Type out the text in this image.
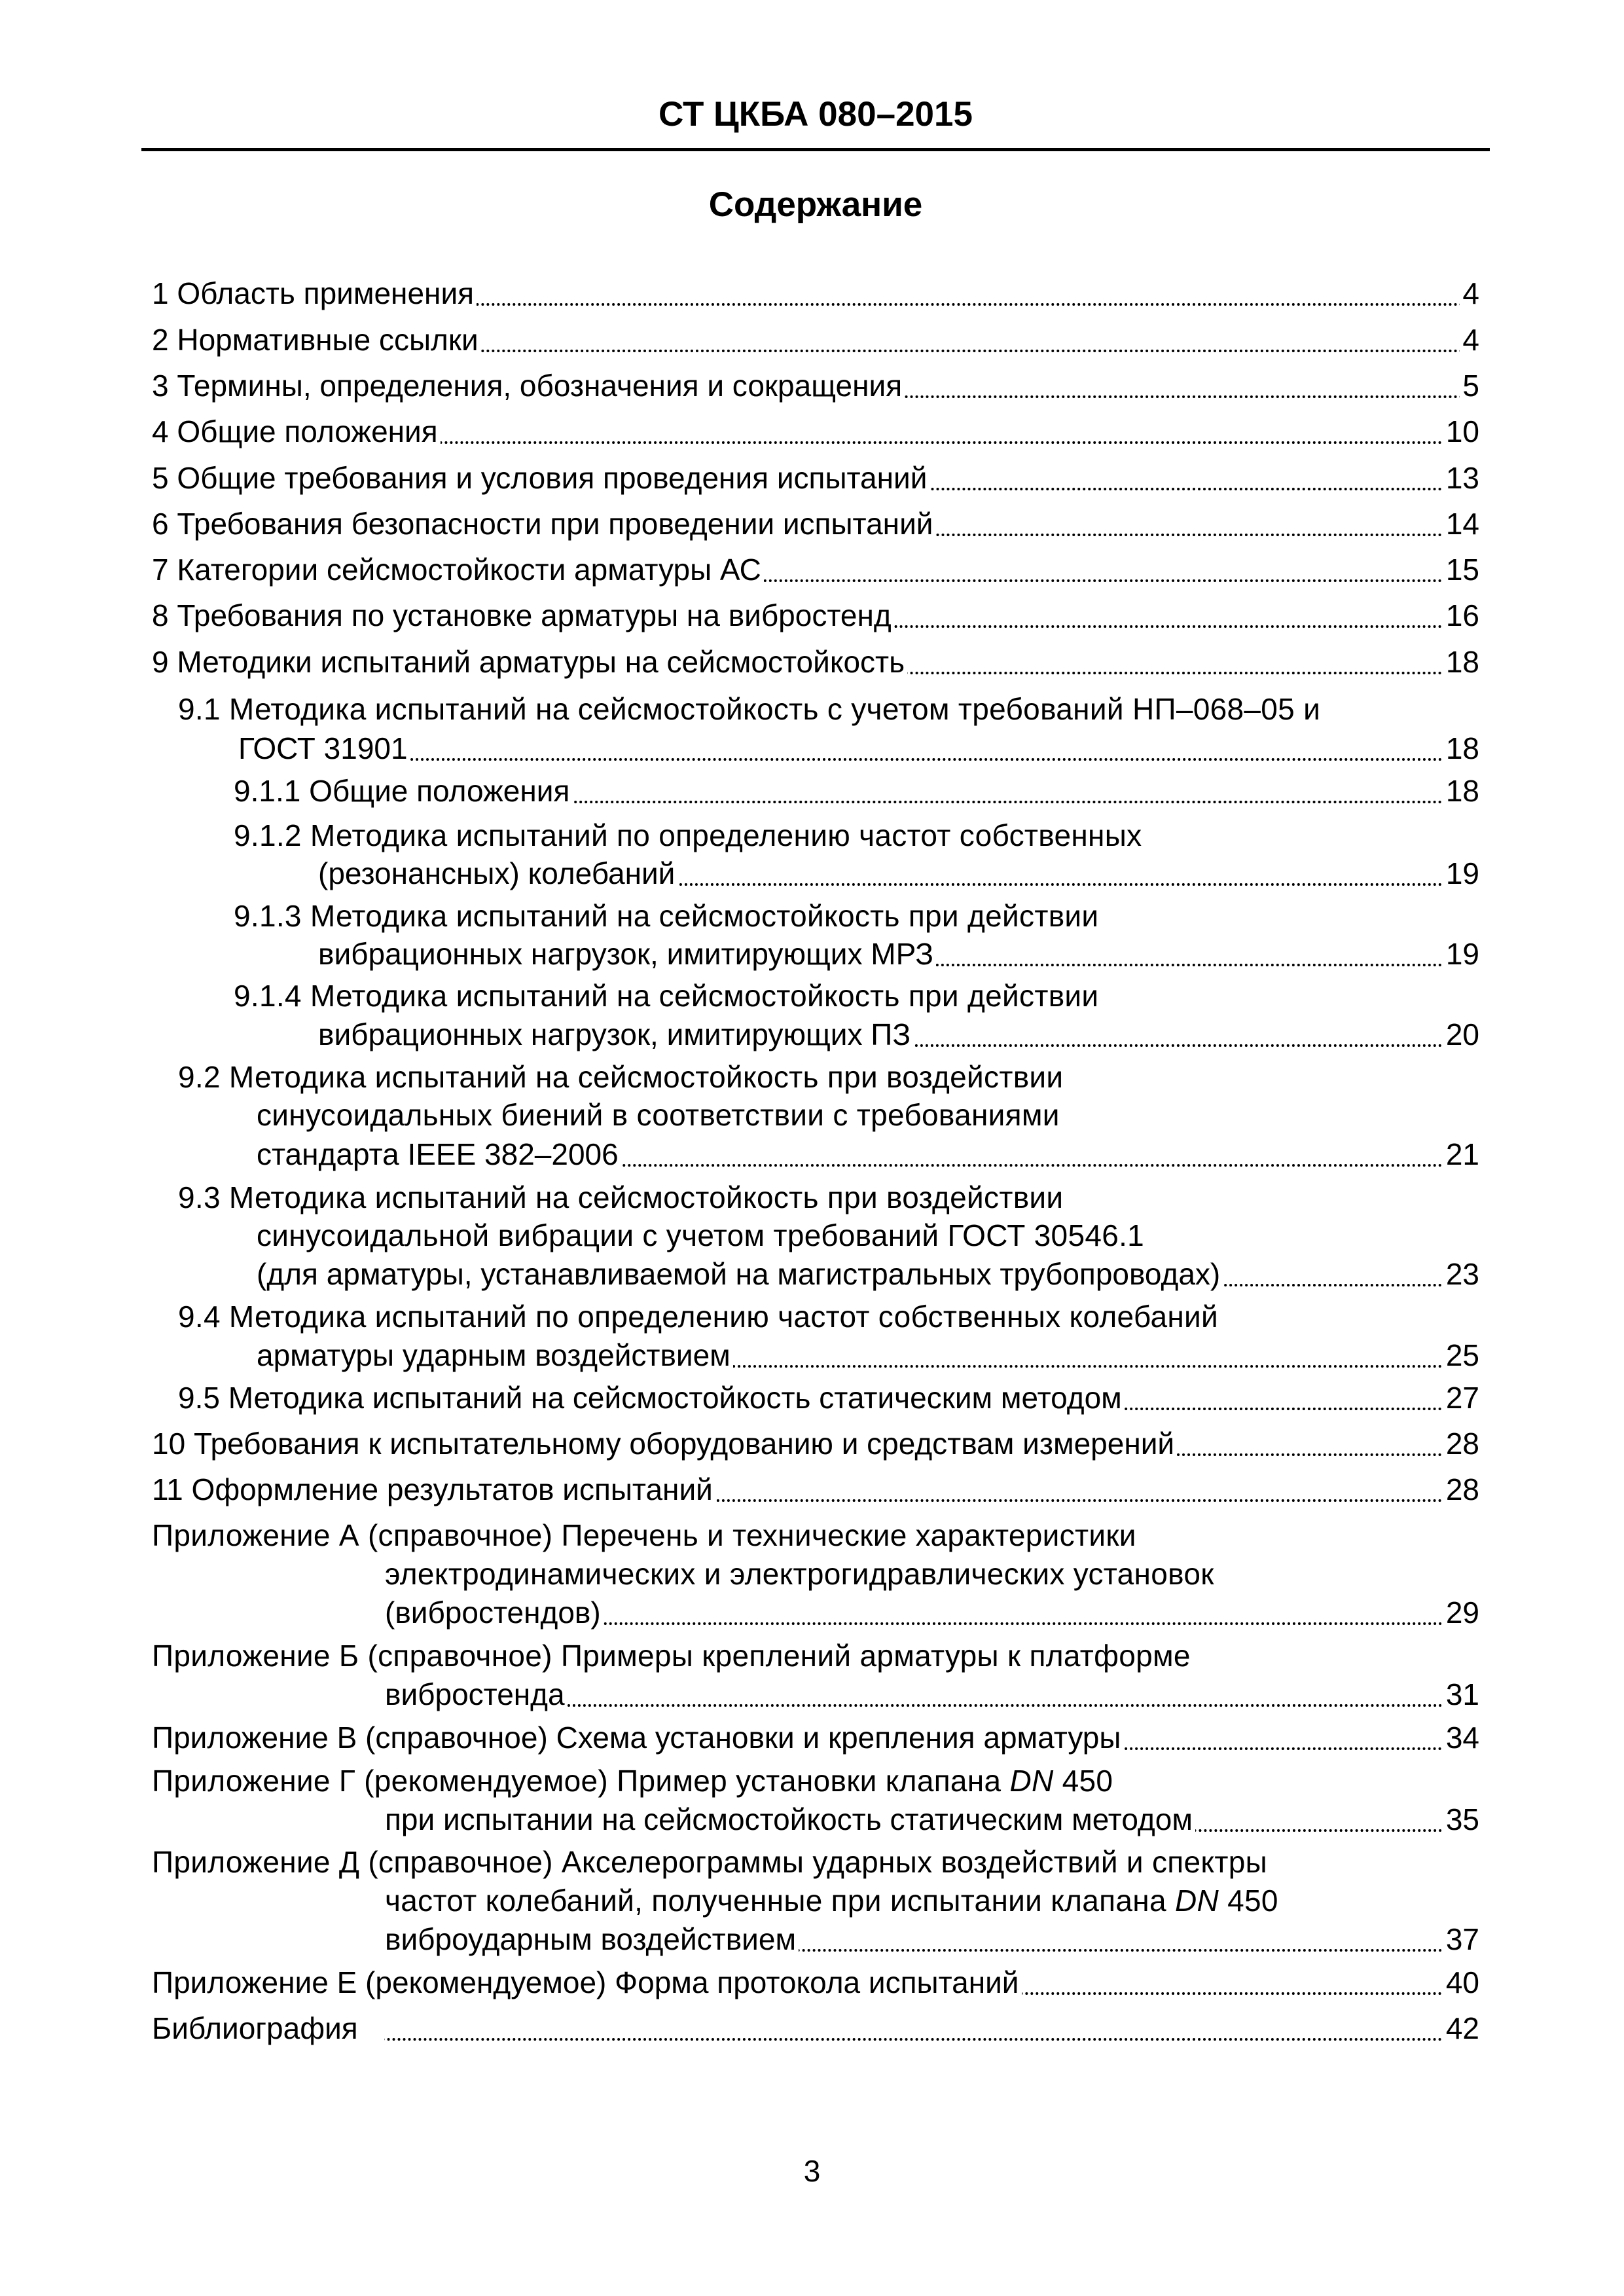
СТ ЦКБА 080–2015
Содержание
1 Область применения	4
2 Нормативные ссылки	4
3 Термины, определения, обозначения и сокращения	5
4 Общие положения	10
5 Общие требования и условия проведения испытаний	13
6 Требования безопасности при проведении испытаний	14
7 Категории сейсмостойкости арматуры АС	15
8 Требования по установке арматуры на вибростенд	16
9 Методики испытаний арматуры на сейсмостойкость	18
9.1 Методика испытаний на сейсмостойкость с учетом требований НП–068–05 и
ГОСТ 31901	18
9.1.1 Общие положения	18
9.1.2 Методика испытаний по определению частот собственных
(резонансных) колебаний	19
9.1.3 Методика испытаний на сейсмостойкость при действии
вибрационных нагрузок, имитирующих МРЗ	19
9.1.4 Методика испытаний на сейсмостойкость при действии
вибрационных нагрузок, имитирующих ПЗ	20
9.2 Методика испытаний на сейсмостойкость при воздействии
синусоидальных биений в соответствии с требованиями
стандарта IEEE 382–2006	21
9.3 Методика испытаний на сейсмостойкость при воздействии
синусоидальной вибрации с учетом требований ГОСТ 30546.1
(для арматуры, устанавливаемой на магистральных трубопроводах)	23
9.4 Методика испытаний по определению частот собственных колебаний
арматуры ударным воздействием	25
9.5 Методика испытаний на сейсмостойкость статическим методом	27
10 Требования к испытательному оборудованию и средствам измерений	28
11 Оформление результатов испытаний	28
Приложение А (справочное) Перечень и технические характеристики
электродинамических и электрогидравлических установок
(вибростендов)	29
Приложение Б (справочное) Примеры креплений арматуры к платформе
вибростенда	31
Приложение В (справочное) Схема установки и крепления арматуры	34
Приложение Г (рекомендуемое) Пример установки клапана DN 450
при испытании на сейсмостойкость статическим методом	35
Приложение Д (справочное) Акселерограммы ударных воздействий и спектры
частот колебаний, полученные при испытании клапана DN 450
виброударным воздействием	37
Приложение Е (рекомендуемое) Форма протокола испытаний	40
Библиография	42
3
